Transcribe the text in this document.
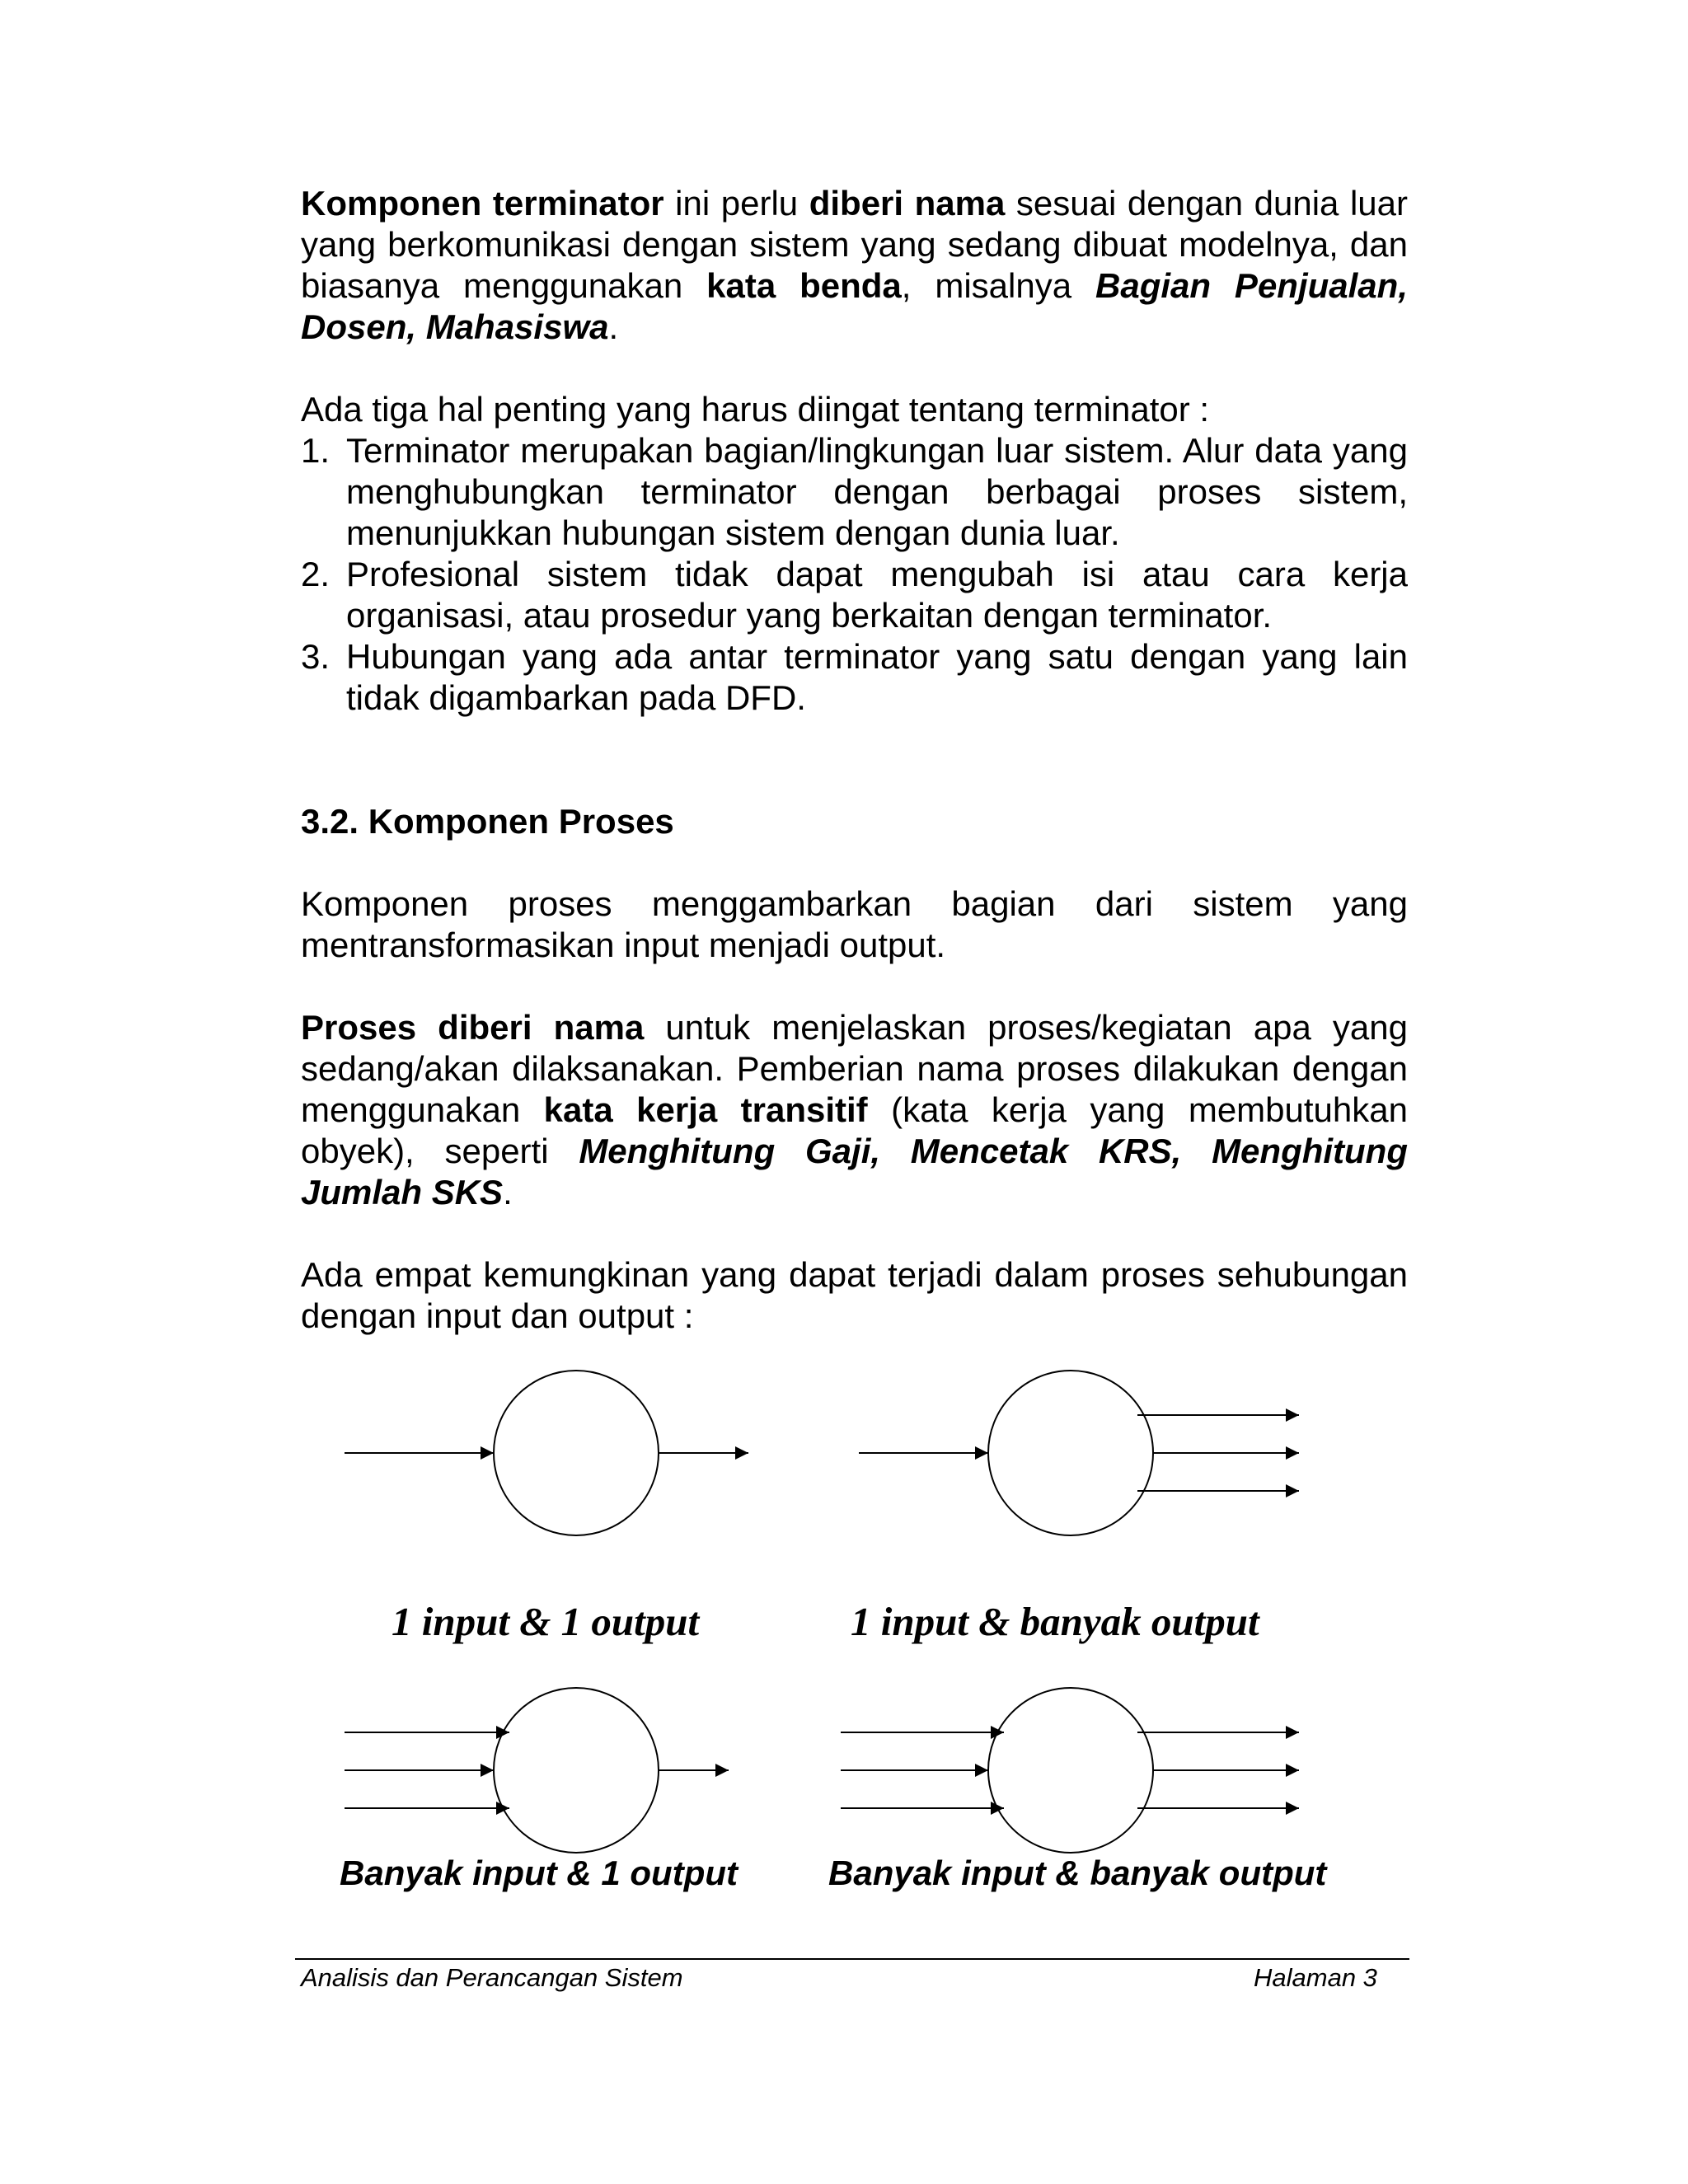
Komponen terminator ini perlu diberi nama sesuai dengan dunia luar yang berkomunikasi dengan sistem yang sedang dibuat modelnya, dan biasanya menggunakan kata benda, misalnya Bagian Penjualan, Dosen, Mahasiswa.

Ada tiga hal penting yang harus diingat tentang terminator :

1. Terminator merupakan bagian/lingkungan luar sistem. Alur data yang menghubungkan terminator dengan berbagai proses sistem, menunjukkan hubungan sistem dengan dunia luar.
2. Profesional sistem tidak dapat mengubah isi atau cara kerja organisasi, atau prosedur yang berkaitan dengan terminator.
3. Hubungan yang ada antar terminator yang satu dengan yang lain tidak digambarkan pada DFD.
3.2. Komponen Proses

Komponen proses menggambarkan bagian dari sistem yang mentransformasikan input menjadi output.

Proses diberi nama untuk menjelaskan proses/kegiatan apa yang sedang/akan dilaksanakan. Pemberian nama proses dilakukan dengan menggunakan kata kerja transitif (kata kerja yang membutuhkan obyek), seperti Menghitung Gaji, Mencetak KRS, Menghitung Jumlah SKS.

Ada empat kemungkinan yang dapat terjadi dalam proses sehubungan dengan input dan output :

1 input & 1 output	1 input & banyak output
Banyak input & 1 output	Banyak input & banyak output
Analisis dan Perancangan Sistem	Halaman 3
